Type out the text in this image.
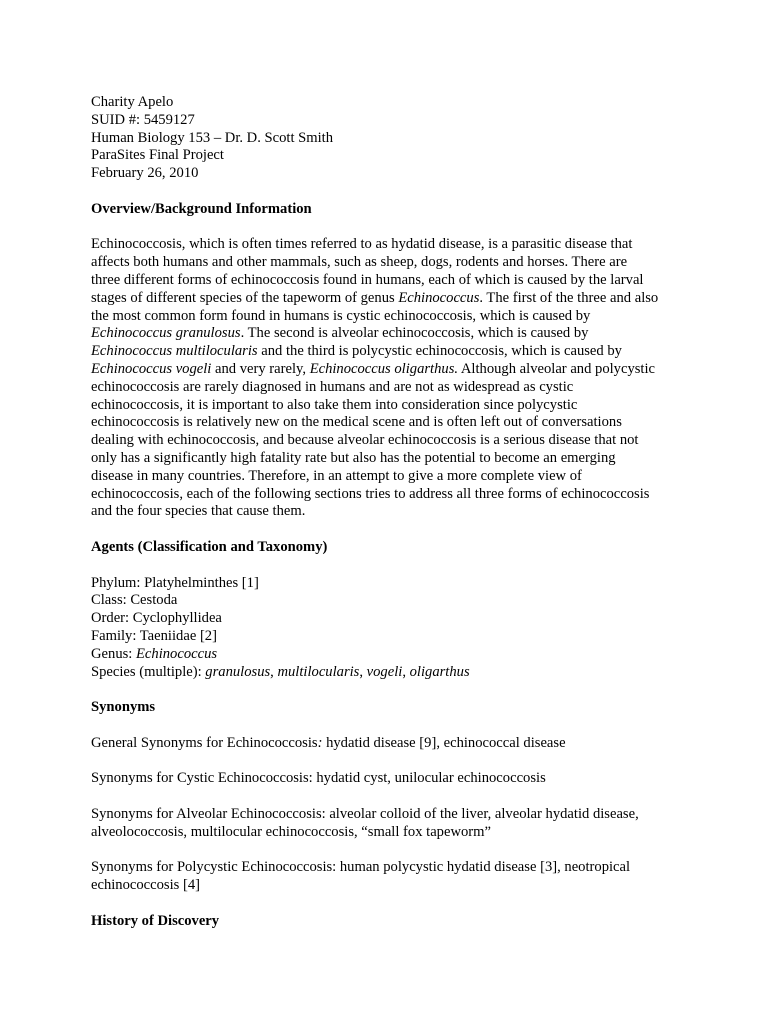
Charity Apelo
SUID #: 5459127
Human Biology 153 – Dr. D. Scott Smith
ParaSites Final Project
February 26, 2010
Overview/Background Information
Echinococcosis, which is often times referred to as hydatid disease, is a parasitic disease that
affects both humans and other mammals, such as sheep, dogs, rodents and horses. There are
three different forms of echinococcosis found in humans, each of which is caused by the larval
stages of different species of the tapeworm of genus Echinococcus. The first of the three and also
the most common form found in humans is cystic echinococcosis, which is caused by
Echinococcus granulosus. The second is alveolar echinococcosis, which is caused by
Echinococcus multilocularis and the third is polycystic echinococcosis, which is caused by
Echinococcus vogeli and very rarely, Echinococcus oligarthus. Although alveolar and polycystic
echinococcosis are rarely diagnosed in humans and are not as widespread as cystic
echinococcosis, it is important to also take them into consideration since polycystic
echinococcosis is relatively new on the medical scene and is often left out of conversations
dealing with echinococcosis, and because alveolar echinococcosis is a serious disease that not
only has a significantly high fatality rate but also has the potential to become an emerging
disease in many countries. Therefore, in an attempt to give a more complete view of
echinococcosis, each of the following sections tries to address all three forms of echinococcosis
and the four species that cause them.
Agents (Classification and Taxonomy)
Phylum: Platyhelminthes [1]
Class: Cestoda
Order: Cyclophyllidea
Family: Taeniidae [2]
Genus: Echinococcus
Species (multiple): granulosus, multilocularis, vogeli, oligarthus
Synonyms
General Synonyms for Echinococcosis: hydatid disease [9], echinococcal disease
Synonyms for Cystic Echinococcosis: hydatid cyst, unilocular echinococcosis
Synonyms for Alveolar Echinococcosis: alveolar colloid of the liver, alveolar hydatid disease,
alveolococcosis, multilocular echinococcosis, “small fox tapeworm”
Synonyms for Polycystic Echinococcosis: human polycystic hydatid disease [3], neotropical
echinococcosis [4]
History of Discovery
